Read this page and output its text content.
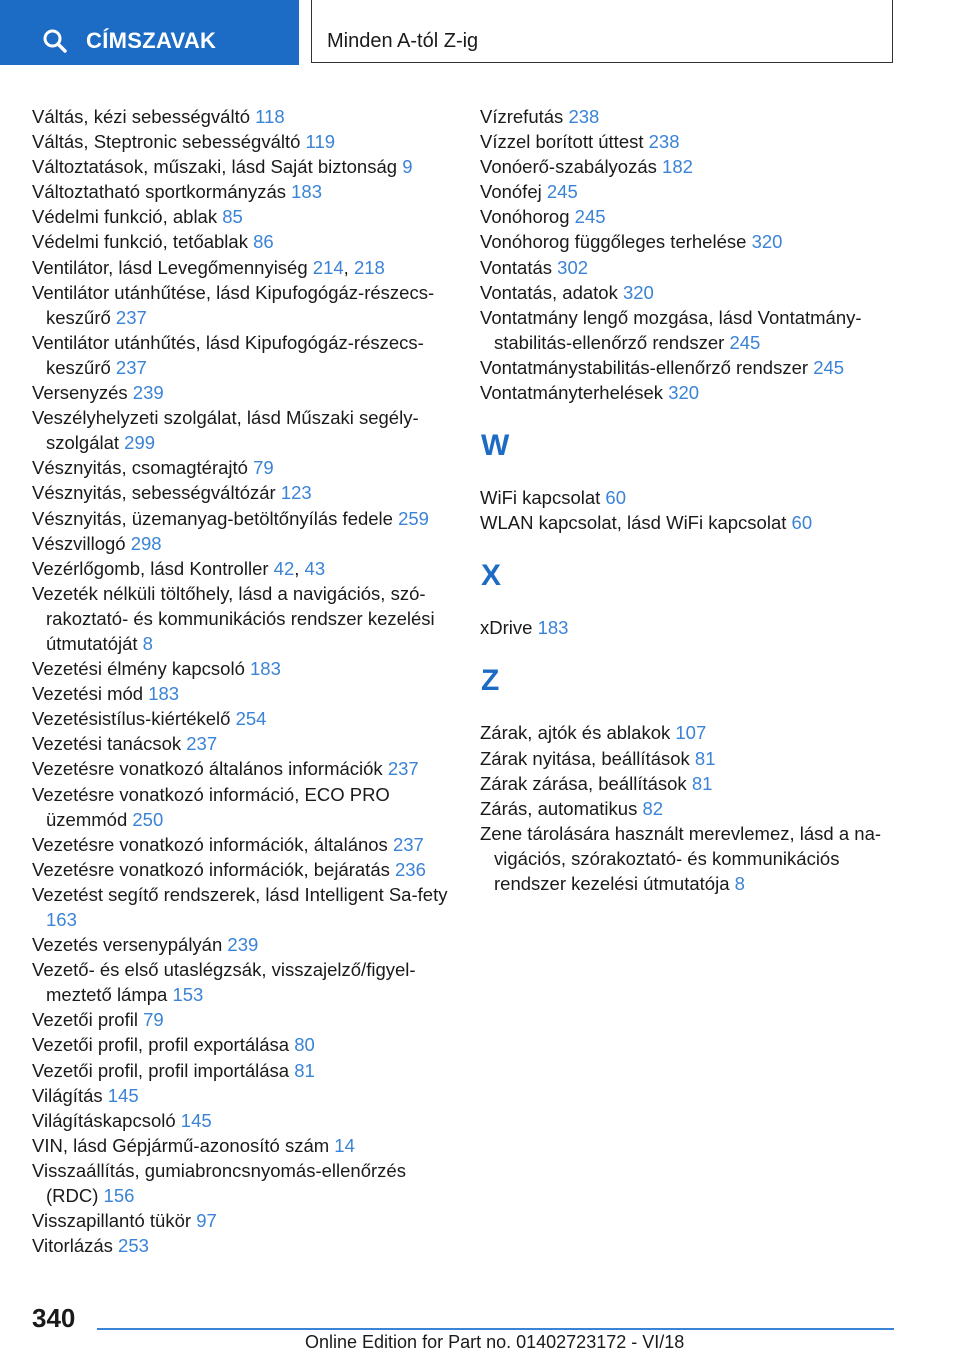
CÍMSZAVAK	Minden A-tól Z-ig
Váltás, kézi sebességváltó 118
Váltás, Steptronic sebességváltó 119
Változtatások, műszaki, lásd Saját biztonság 9
Változtatható sportkormányzás 183
Védelmi funkció, ablak 85
Védelmi funkció, tetőablak 86
Ventilátor, lásd Levegőmennyiség 214, 218
Ventilátor utánhűtése, lásd Kipufogógáz-részecs-keszűrő 237
Ventilátor utánhűtés, lásd Kipufogógáz-részecs-keszűrő 237
Versenyzés 239
Veszélyhelyzeti szolgálat, lásd Műszaki segély-szolgálat 299
Vésznyitás, csomagtérajtó 79
Vésznyitás, sebességváltózár 123
Vésznyitás, üzemanyag-betöltőnyílás fedele 259
Vészvillogó 298
Vezérlőgomb, lásd Kontroller 42, 43
Vezeték nélküli töltőhely, lásd a navigációs, szó-rakoztató- és kommunikációs rendszer kezelési útmutatóját 8
Vezetési élmény kapcsoló 183
Vezetési mód 183
Vezetésistílus-kiértékelő 254
Vezetési tanácsok 237
Vezetésre vonatkozó általános információk 237
Vezetésre vonatkozó információ, ECO PRO üzemmód 250
Vezetésre vonatkozó információk, általános 237
Vezetésre vonatkozó információk, bejáratás 236
Vezetést segítő rendszerek, lásd Intelligent Sa-fety 163
Vezetés versenypályán 239
Vezető- és első utaslégzsák, visszajelző/figyel-meztető lámpa 153
Vezetői profil 79
Vezetői profil, profil exportálása 80
Vezetői profil, profil importálása 81
Világítás 145
Világításkapcsoló 145
VIN, lásd Gépjármű-azonosító szám 14
Visszaállítás, gumiabroncsnyomás-ellenőrzés (RDC) 156
Visszapillantó tükör 97
Vitorlázás 253
Vízrefutás 238
Vízzel borított úttest 238
Vonóerő-szabályozás 182
Vonófej 245
Vonóhorog 245
Vonóhorog függőleges terhelése 320
Vontatás 302
Vontatás, adatok 320
Vontatmány lengő mozgása, lásd Vontatmány-stabilitás-ellenőrző rendszer 245
Vontatmánystabilitás-ellenőrző rendszer 245
Vontatmányterhelések 320
W
WiFi kapcsolat 60
WLAN kapcsolat, lásd WiFi kapcsolat 60
X
xDrive 183
Z
Zárak, ajtók és ablakok 107
Zárak nyitása, beállítások 81
Zárak zárása, beállítások 81
Zárás, automatikus 82
Zene tárolására használt merevlemez, lásd a na-vigációs, szórakoztató- és kommunikációs rendszer kezelési útmutatója 8
340
Online Edition for Part no. 01402723172 - VI/18
